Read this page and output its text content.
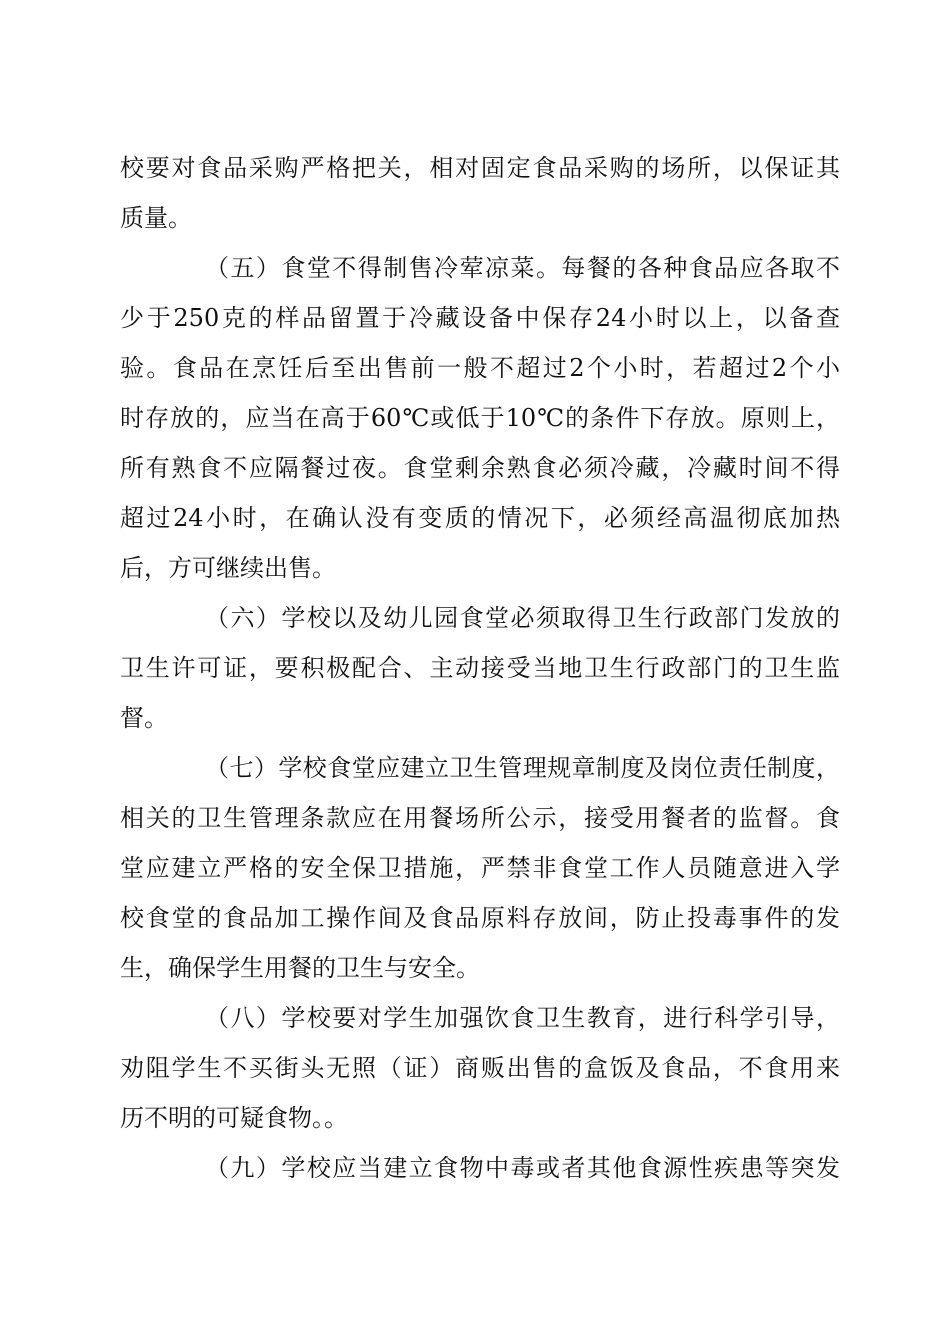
校要对食品采购严格把关，相对固定食品采购的场所，以保证其
质量。
（五）食堂不得制售冷荤凉菜。每餐的各种食品应各取不
少于250克的样品留置于冷藏设备中保存24小时以上，以备查
验。食品在烹饪后至出售前一般不超过2个小时，若超过2个小
时存放的，应当在高于60℃或低于10℃的条件下存放。原则上，
所有熟食不应隔餐过夜。食堂剩余熟食必须冷藏，冷藏时间不得
超过24小时，在确认没有变质的情况下，必须经高温彻底加热
后，方可继续出售。
（六）学校以及幼儿园食堂必须取得卫生行政部门发放的
卫生许可证，要积极配合、主动接受当地卫生行政部门的卫生监
督。
（七）学校食堂应建立卫生管理规章制度及岗位责任制度，
相关的卫生管理条款应在用餐场所公示，接受用餐者的监督。食
堂应建立严格的安全保卫措施，严禁非食堂工作人员随意进入学
校食堂的食品加工操作间及食品原料存放间，防止投毒事件的发
生，确保学生用餐的卫生与安全。
（八）学校要对学生加强饮食卫生教育，进行科学引导，
劝阻学生不买街头无照（证）商贩出售的盒饭及食品，不食用来
历不明的可疑食物。。
（九）学校应当建立食物中毒或者其他食源性疾患等突发
